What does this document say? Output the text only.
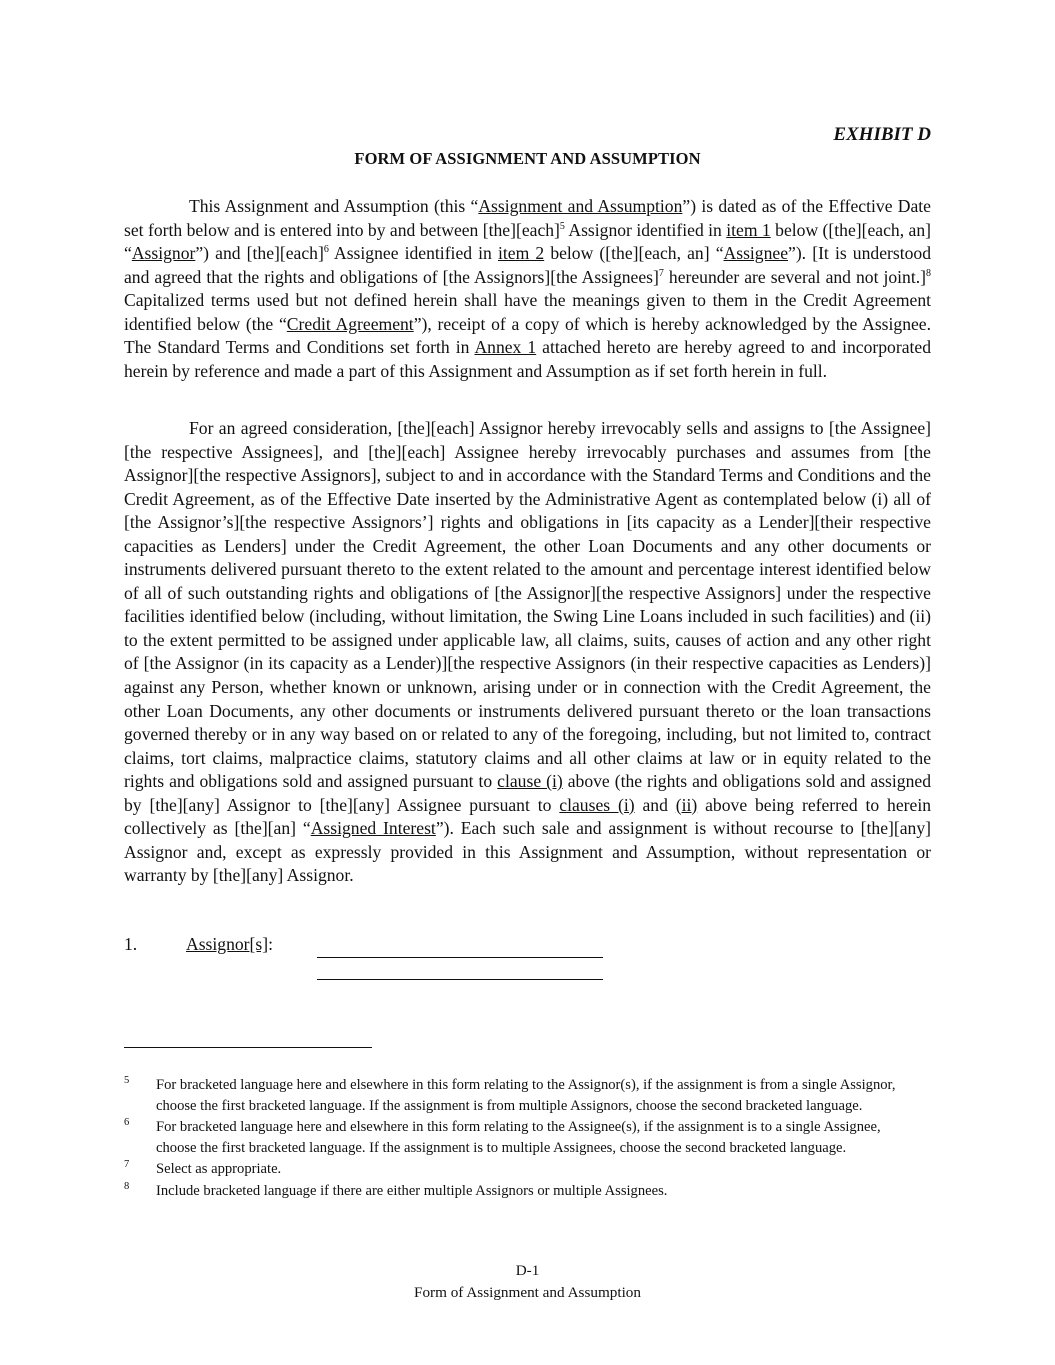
EXHIBIT D
FORM OF ASSIGNMENT AND ASSUMPTION

This Assignment and Assumption (this “Assignment and Assumption”) is dated as of the Effective Date set forth below and is entered into by and between [the][each]$^5$ Assignor identified in item 1 below ([the][each, an] “Assignor”) and [the][each]$^6$ Assignee identified in item 2 below ([the][each, an] “Assignee”). [It is understood and agreed that the rights and obligations of [the Assignors][the Assignees]$^7$ hereunder are several and not joint.]$^8$ Capitalized terms used but not defined herein shall have the meanings given to them in the Credit Agreement identified below (the “Credit Agreement”), receipt of a copy of which is hereby acknowledged by the Assignee. The Standard Terms and Conditions set forth in Annex 1 attached hereto are hereby agreed to and incorporated herein by reference and made a part of this Assignment and Assumption as if set forth herein in full.

For an agreed consideration, [the][each] Assignor hereby irrevocably sells and assigns to [the Assignee][the respective Assignees], and [the][each] Assignee hereby irrevocably purchases and assumes from [the Assignor][the respective Assignors], subject to and in accordance with the Standard Terms and Conditions and the Credit Agreement, as of the Effective Date inserted by the Administrative Agent as contemplated below (i) all of [the Assignor’s][the respective Assignors’] rights and obligations in [its capacity as a Lender][their respective capacities as Lenders] under the Credit Agreement, the other Loan Documents and any other documents or instruments delivered pursuant thereto to the extent related to the amount and percentage interest identified below of all of such outstanding rights and obligations of [the Assignor][the respective Assignors] under the respective facilities identified below (including, without limitation, the Swing Line Loans included in such facilities) and (ii) to the extent permitted to be assigned under applicable law, all claims, suits, causes of action and any other right of [the Assignor (in its capacity as a Lender)][the respective Assignors (in their respective capacities as Lenders)] against any Person, whether known or unknown, arising under or in connection with the Credit Agreement, the other Loan Documents, any other documents or instruments delivered pursuant thereto or the loan transactions governed thereby or in any way based on or related to any of the foregoing, including, but not limited to, contract claims, tort claims, malpractice claims, statutory claims and all other claims at law or in equity related to the rights and obligations sold and assigned pursuant to clause (i) above (the rights and obligations sold and assigned by [the][any] Assignor to [the][any] Assignee pursuant to clauses (i) and (ii) above being referred to herein collectively as [the][an] “Assigned Interest”). Each such sale and assignment is without recourse to [the][any] Assignor and, except as expressly provided in this Assignment and Assumption, without representation or warranty by [the][any] Assignor.

1.	Assignor[s]:
5 For bracketed language here and elsewhere in this form relating to the Assignor(s), if the assignment is from a single Assignor, choose the first bracketed language. If the assignment is from multiple Assignors, choose the second bracketed language.
6 For bracketed language here and elsewhere in this form relating to the Assignee(s), if the assignment is to a single Assignee, choose the first bracketed language. If the assignment is to multiple Assignees, choose the second bracketed language.
7 Select as appropriate.
8 Include bracketed language if there are either multiple Assignors or multiple Assignees.
D-1
Form of Assignment and Assumption
